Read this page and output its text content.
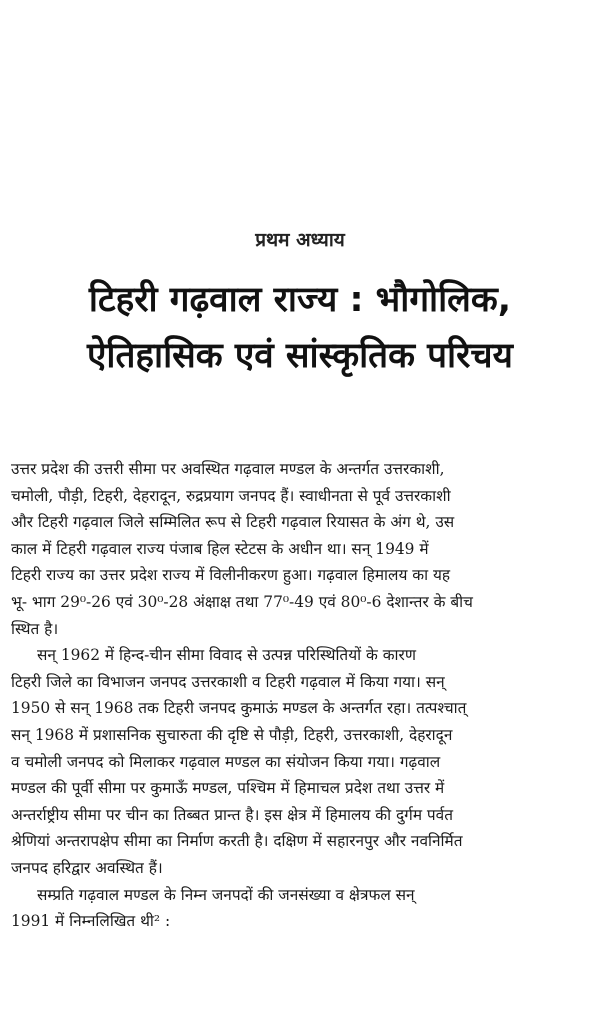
प्रथम अध्याय
टिहरी गढ़वाल राज्य : भौगोलिक,
ऐतिहासिक एवं सांस्कृतिक परिचय

उत्तर प्रदेश की उत्तरी सीमा पर अवस्थित गढ़वाल मण्डल के अन्तर्गत उत्तरकाशी,
चमोली, पौड़ी, टिहरी, देहरादून, रुद्रप्रयाग जनपद हैं। स्वाधीनता से पूर्व उत्तरकाशी
और टिहरी गढ़वाल जिले सम्मिलित रूप से टिहरी गढ़वाल रियासत के अंग थे, उस
काल में टिहरी गढ़वाल राज्य पंजाब हिल स्टेटस के अधीन था। सन् 1949 में
टिहरी राज्य का उत्तर प्रदेश राज्य में विलीनीकरण हुआ। गढ़वाल हिमालय का यह
भू- भाग 29⁰-26 एवं 30⁰-28 अंक्षाक्ष तथा 77⁰-49 एवं 80⁰-6 देशान्तर के बीच
स्थित है।

सन् 1962 में हिन्द-चीन सीमा विवाद से उत्पन्न परिस्थितियों के कारण
टिहरी जिले का विभाजन जनपद उत्तरकाशी व टिहरी गढ़वाल में किया गया। सन्
1950 से सन् 1968 तक टिहरी जनपद कुमाऊं मण्डल के अन्तर्गत रहा। तत्पश्चात्
सन् 1968 में प्रशासनिक सुचारुता की दृष्टि से पौड़ी, टिहरी, उत्तरकाशी, देहरादून
व चमोली जनपद को मिलाकर गढ़वाल मण्डल का संयोजन किया गया। गढ़वाल
मण्डल की पूर्वी सीमा पर कुमाऊँ मण्डल, पश्चिम में हिमाचल प्रदेश तथा उत्तर में
अन्तर्राष्ट्रीय सीमा पर चीन का तिब्बत प्रान्त है। इस क्षेत्र में हिमालय की दुर्गम पर्वत
श्रेणियां अन्तरापक्षेप सीमा का निर्माण करती है। दक्षिण में सहारनपुर और नवनिर्मित
जनपद हरिद्वार अवस्थित हैं।

सम्प्रति गढ़वाल मण्डल के निम्न जनपदों की जनसंख्या व क्षेत्रफल सन्
1991 में निम्नलिखित थी² :
